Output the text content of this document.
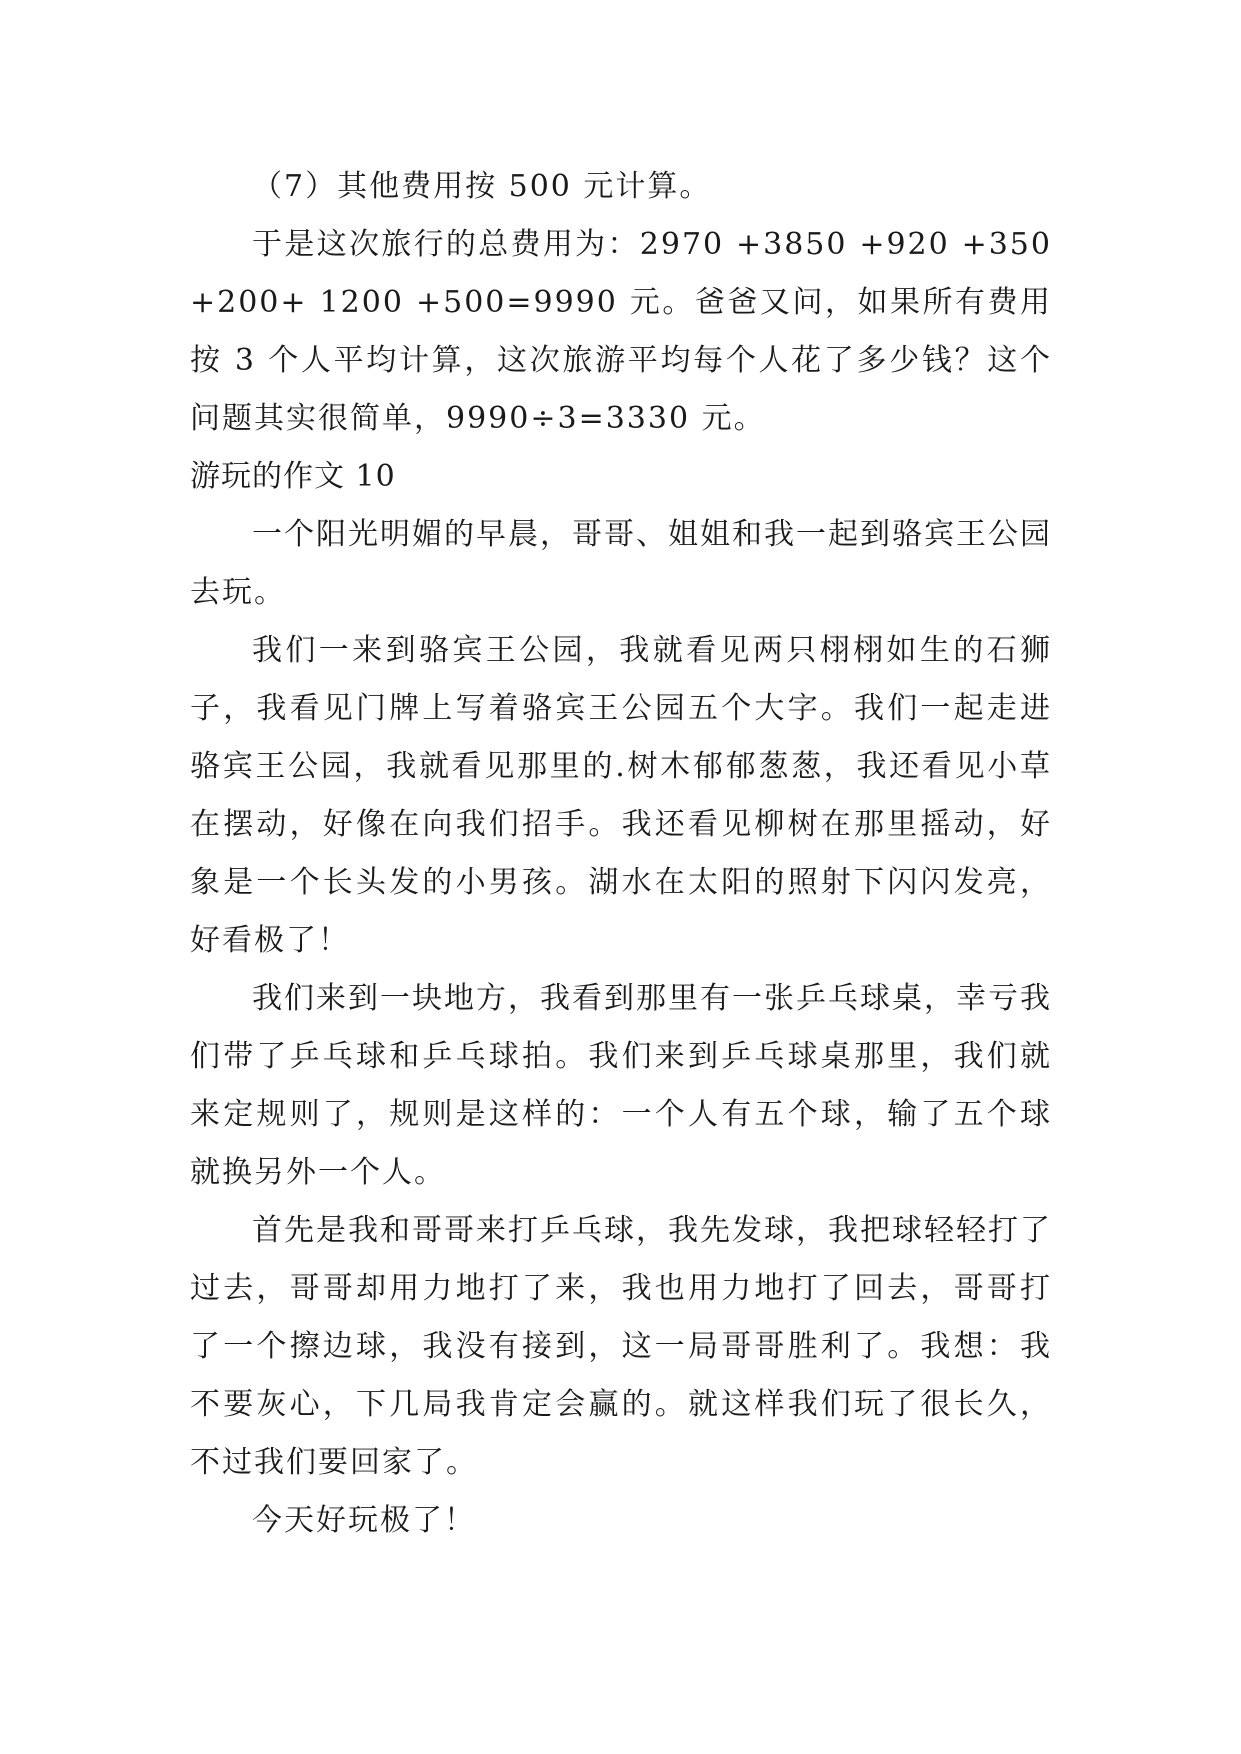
（7）其他费用按 500 元计算。

于是这次旅行的总费用为：2970 +3850 +920 +350 +200+ 1200 +500=9990 元。爸爸又问，如果所有费用按 3 个人平均计算，这次旅游平均每个人花了多少钱？这个问题其实很简单，9990÷3=3330 元。

游玩的作文 10

一个阳光明媚的早晨，哥哥、姐姐和我一起到骆宾王公园去玩。

我们一来到骆宾王公园，我就看见两只栩栩如生的石狮子，我看见门牌上写着骆宾王公园五个大字。我们一起走进骆宾王公园，我就看见那里的.树木郁郁葱葱，我还看见小草在摆动，好像在向我们招手。我还看见柳树在那里摇动，好象是一个长头发的小男孩。湖水在太阳的照射下闪闪发亮，好看极了！

我们来到一块地方，我看到那里有一张乒乓球桌，幸亏我们带了乒乓球和乒乓球拍。我们来到乒乓球桌那里，我们就来定规则了，规则是这样的：一个人有五个球，输了五个球就换另外一个人。

首先是我和哥哥来打乒乓球，我先发球，我把球轻轻打了过去，哥哥却用力地打了来，我也用力地打了回去，哥哥打了一个擦边球，我没有接到，这一局哥哥胜利了。我想：我不要灰心，下几局我肯定会赢的。就这样我们玩了很长久，不过我们要回家了。

今天好玩极了！
